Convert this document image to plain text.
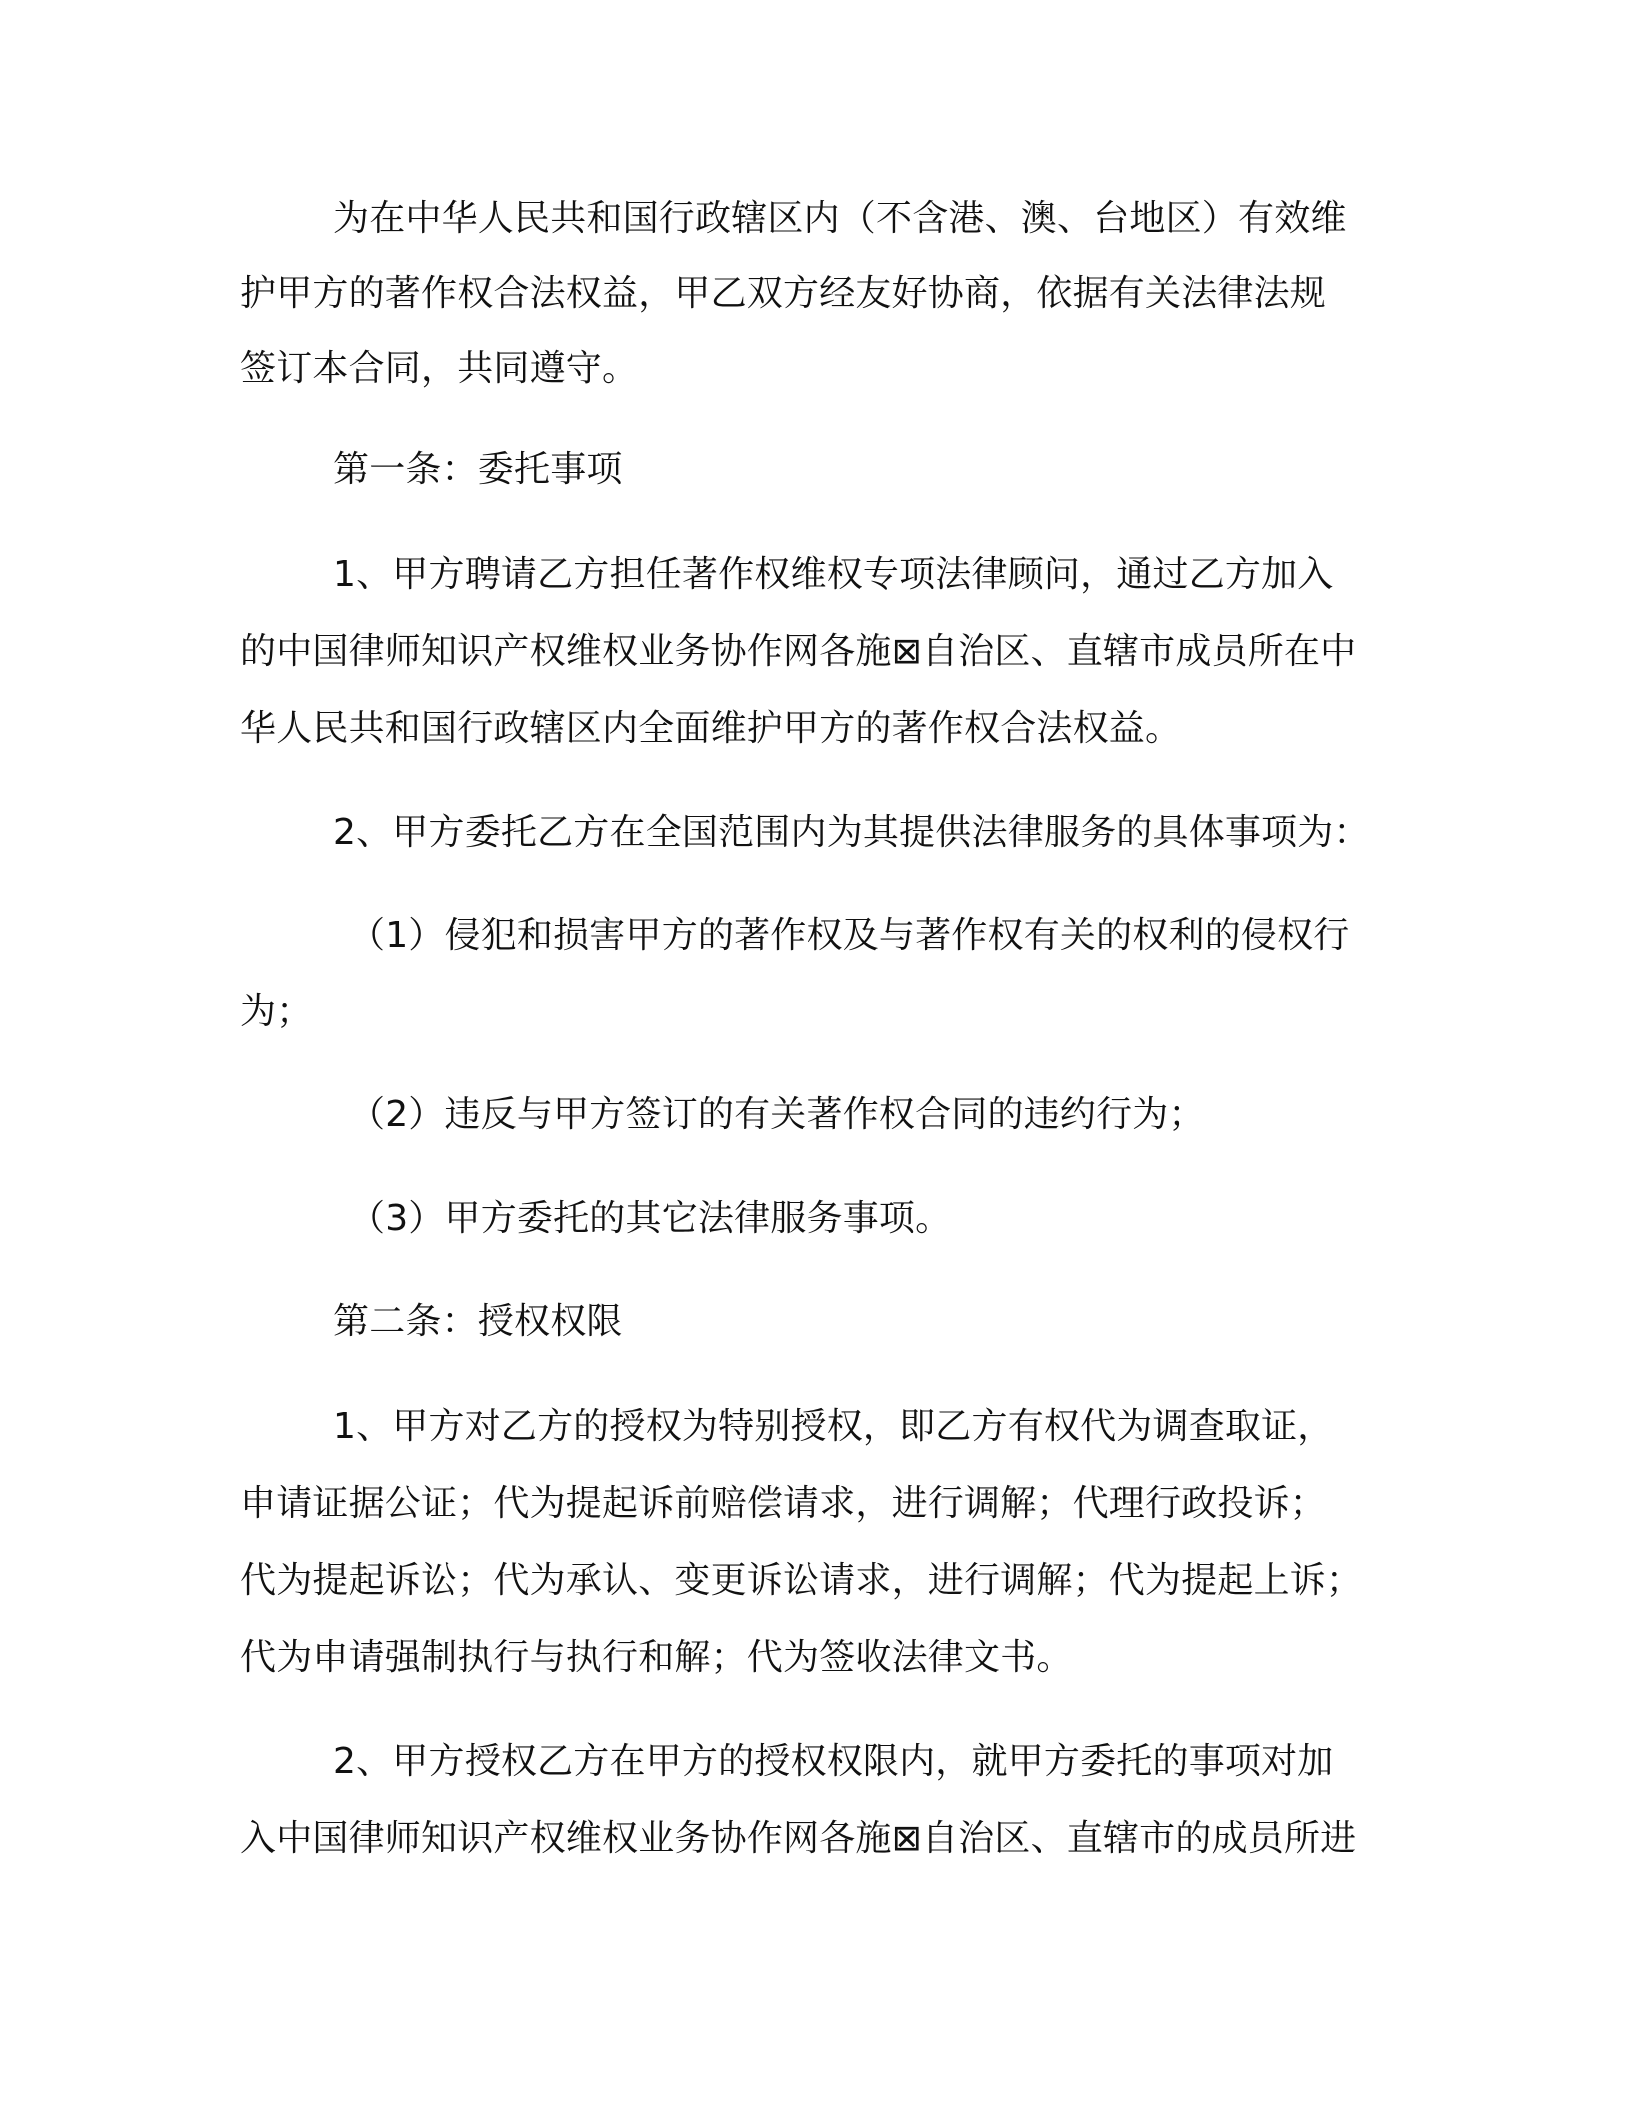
为在中华人民共和国行政辖区内（不含港、澳、台地区）有效维
护甲方的著作权合法权益，甲乙双方经友好协商，依据有关法律法规
签订本合同，共同遵守。
第一条：委托事项
1、甲方聘请乙方担任著作权维权专项法律顾问，通过乙方加入
的中国律师知识产权维权业务协作网各施⊠自治区、直辖市成员所在中
华人民共和国行政辖区内全面维护甲方的著作权合法权益。
2、甲方委托乙方在全国范围内为其提供法律服务的具体事项为：
（1）侵犯和损害甲方的著作权及与著作权有关的权利的侵权行
为；
（2）违反与甲方签订的有关著作权合同的违约行为；
（3）甲方委托的其它法律服务事项。
第二条：授权权限
1、甲方对乙方的授权为特别授权，即乙方有权代为调查取证，
申请证据公证；代为提起诉前赔偿请求，进行调解；代理行政投诉；
代为提起诉讼；代为承认、变更诉讼请求，进行调解；代为提起上诉；
代为申请强制执行与执行和解；代为签收法律文书。
2、甲方授权乙方在甲方的授权权限内，就甲方委托的事项对加
入中国律师知识产权维权业务协作网各施⊠自治区、直辖市的成员所进
